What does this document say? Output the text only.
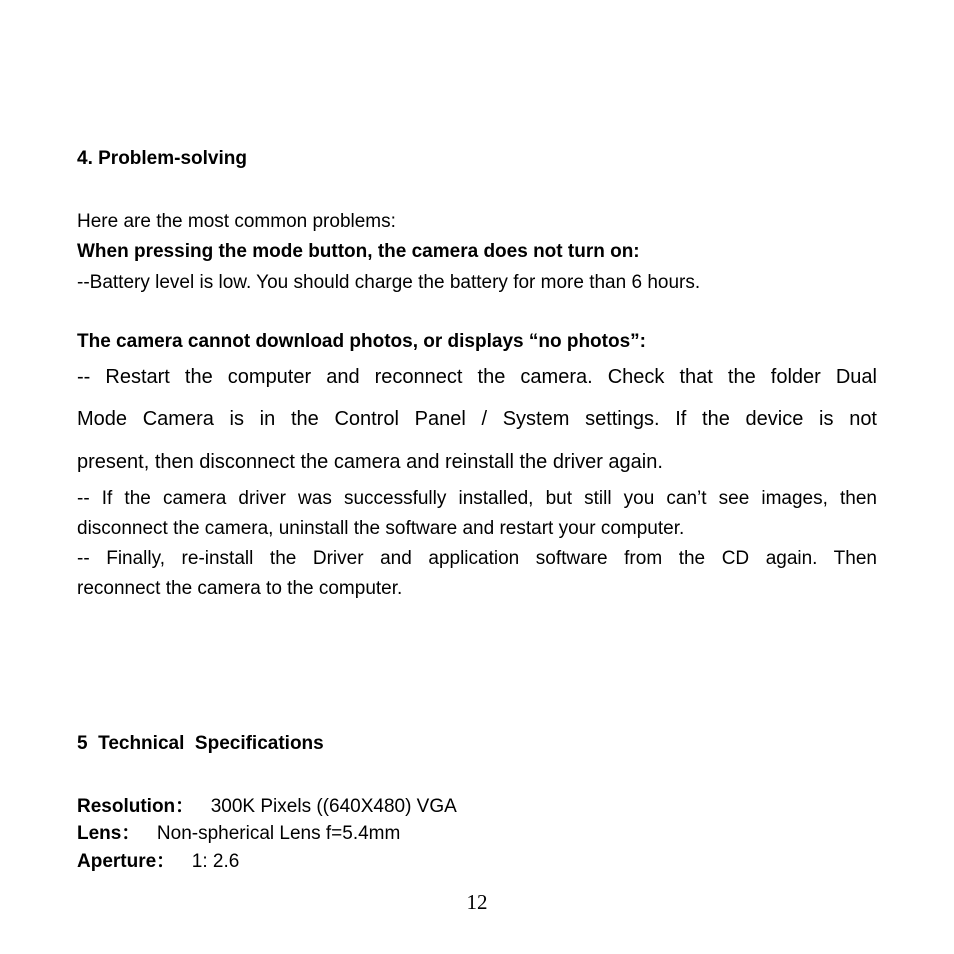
4. Problem-solving
Here are the most common problems:
When pressing the mode button, the camera does not turn on:
--Battery level is low. You should charge the battery for more than 6 hours.
The camera cannot download photos, or displays “no photos”:
-- Restart the computer and reconnect the camera. Check that the folder Dual
Mode Camera is in the Control Panel / System settings. If the device is not
present, then disconnect the camera and reinstall the driver again.
-- If the camera driver was successfully installed, but still you can’t see images, then
disconnect the camera, uninstall the software and restart your computer.
-- Finally, re-install the Driver and application software from the CD again. Then
reconnect the camera to the computer.
5  Technical  Specifications
Resolution： 300K Pixels ((640X480) VGA
Lens： Non-spherical Lens f=5.4mm
Aperture： 1: 2.6
12
